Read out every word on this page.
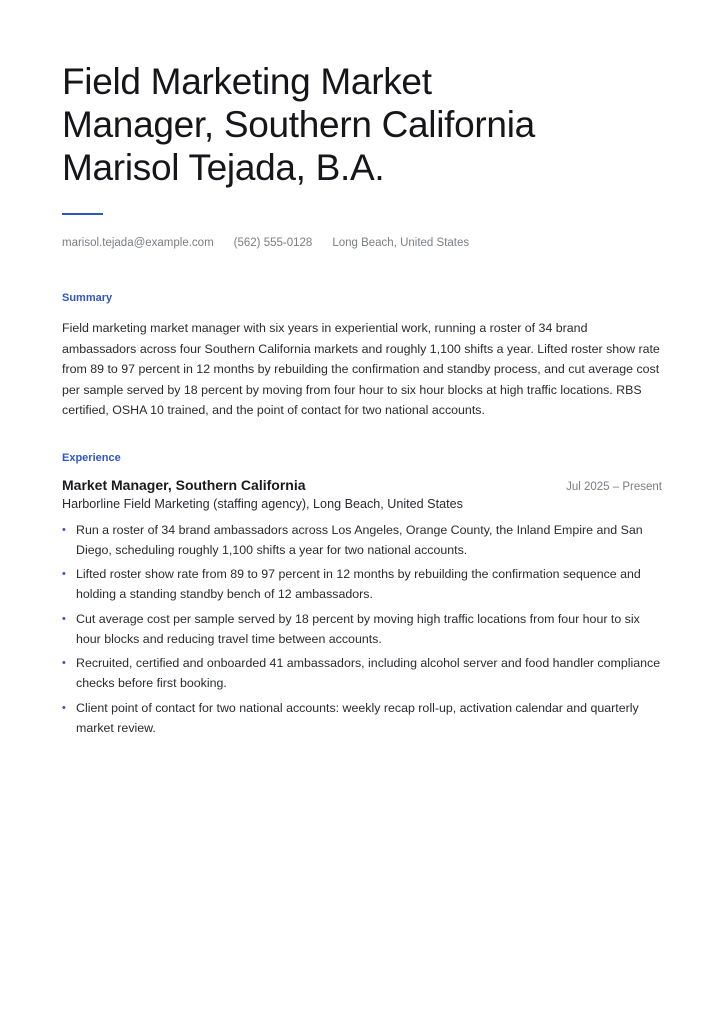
Field Marketing Market
Manager, Southern California
Marisol Tejada, B.A.
marisol.tejada@example.com (562) 555-0128 Long Beach, United States
Summary

Field marketing market manager with six years in experiential work, running a roster of 34 brand ambassadors across four Southern California markets and roughly 1,100 shifts a year. Lifted roster show rate from 89 to 97 percent in 12 months by rebuilding the confirmation and standby process, and cut average cost per sample served by 18 percent by moving from four hour to six hour blocks at high traffic locations. RBS certified, OSHA 10 trained, and the point of contact for two national accounts.

Experience
Market Manager, Southern California	Jul 2025 – Present
Harborline Field Marketing (staffing agency), Long Beach, United States
• Run a roster of 34 brand ambassadors across Los Angeles, Orange County, the Inland Empire and San Diego, scheduling roughly 1,100 shifts a year for two national accounts.
• Lifted roster show rate from 89 to 97 percent in 12 months by rebuilding the confirmation sequence and holding a standing standby bench of 12 ambassadors.
• Cut average cost per sample served by 18 percent by moving high traffic locations from four hour to six hour blocks and reducing travel time between accounts.
• Recruited, certified and onboarded 41 ambassadors, including alcohol server and food handler compliance checks before first booking.
• Client point of contact for two national accounts: weekly recap roll-up, activation calendar and quarterly market review.
